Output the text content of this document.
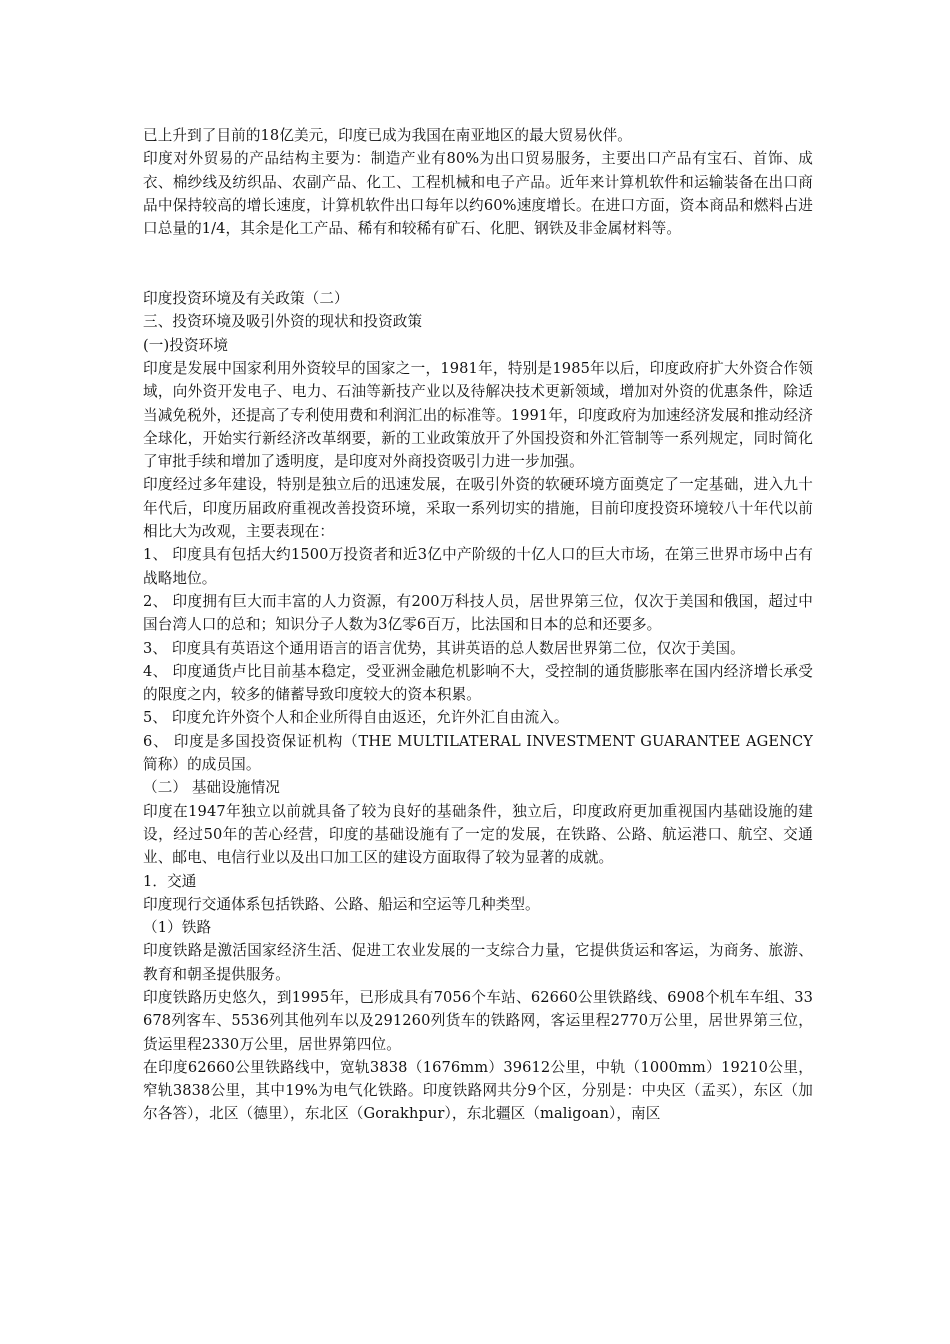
已上升到了目前的18亿美元，印度已成为我国在南亚地区的最大贸易伙伴。

印度对外贸易的产品结构主要为：制造产业有80%为出口贸易服务，主要出口产品有宝石、首饰、成衣、棉纱线及纺织品、农副产品、化工、工程机械和电子产品。近年来计算机软件和运输装备在出口商品中保持较高的增长速度，计算机软件出口每年以约60%速度增长。在进口方面，资本商品和燃料占进口总量的1/4，其余是化工产品、稀有和较稀有矿石、化肥、钢铁及非金属材料等。

印度投资环境及有关政策（二）

三、投资环境及吸引外资的现状和投资政策

(一)投资环境

印度是发展中国家利用外资较早的国家之一，1981年，特别是1985年以后，印度政府扩大外资合作领域，向外资开发电子、电力、石油等新技产业以及待解决技术更新领域，增加对外资的优惠条件，除适当减免税外，还提高了专利使用费和利润汇出的标准等。1991年，印度政府为加速经济发展和推动经济全球化，开始实行新经济改革纲要，新的工业政策放开了外国投资和外汇管制等一系列规定，同时简化了审批手续和增加了透明度，是印度对外商投资吸引力进一步加强。

印度经过多年建设，特别是独立后的迅速发展，在吸引外资的软硬环境方面奠定了一定基础，进入九十年代后，印度历届政府重视改善投资环境，采取一系列切实的措施，目前印度投资环境较八十年代以前相比大为改观，主要表现在：

1、 印度具有包括大约1500万投资者和近3亿中产阶级的十亿人口的巨大市场，在第三世界市场中占有战略地位。

2、 印度拥有巨大而丰富的人力资源，有200万科技人员，居世界第三位，仅次于美国和俄国，超过中国台湾人口的总和；知识分子人数为3亿零6百万，比法国和日本的总和还要多。

3、 印度具有英语这个通用语言的语言优势，其讲英语的总人数居世界第二位，仅次于美国。

4、 印度通货卢比目前基本稳定，受亚洲金融危机影响不大，受控制的通货膨胀率在国内经济增长承受的限度之内，较多的储蓄导致印度较大的资本积累。

5、 印度允许外资个人和企业所得自由返还，允许外汇自由流入。

6、 印度是多国投资保证机构（THE MULTILATERAL INVESTMENT GUARANTEE AGENCY简称）的成员国。

（二） 基础设施情况

印度在1947年独立以前就具备了较为良好的基础条件，独立后，印度政府更加重视国内基础设施的建设，经过50年的苦心经营，印度的基础设施有了一定的发展，在铁路、公路、航运港口、航空、交通业、邮电、电信行业以及出口加工区的建设方面取得了较为显著的成就。

1．交通

印度现行交通体系包括铁路、公路、船运和空运等几种类型。

（1）铁路

印度铁路是激活国家经济生活、促进工农业发展的一支综合力量，它提供货运和客运，为商务、旅游、教育和朝圣提供服务。

印度铁路历史悠久，到1995年，已形成具有7056个车站、62660公里铁路线、6908个机车车组、33678列客车、5536列其他列车以及291260列货车的铁路网，客运里程2770万公里，居世界第三位，货运里程2330万公里，居世界第四位。

在印度62660公里铁路线中，宽轨3838（1676mm）39612公里，中轨（1000mm）19210公里，窄轨3838公里，其中19%为电气化铁路。印度铁路网共分9个区，分别是：中央区（孟买），东区（加尔各答），北区（德里），东北区（Gorakhpur），东北疆区（maligoan），南区
